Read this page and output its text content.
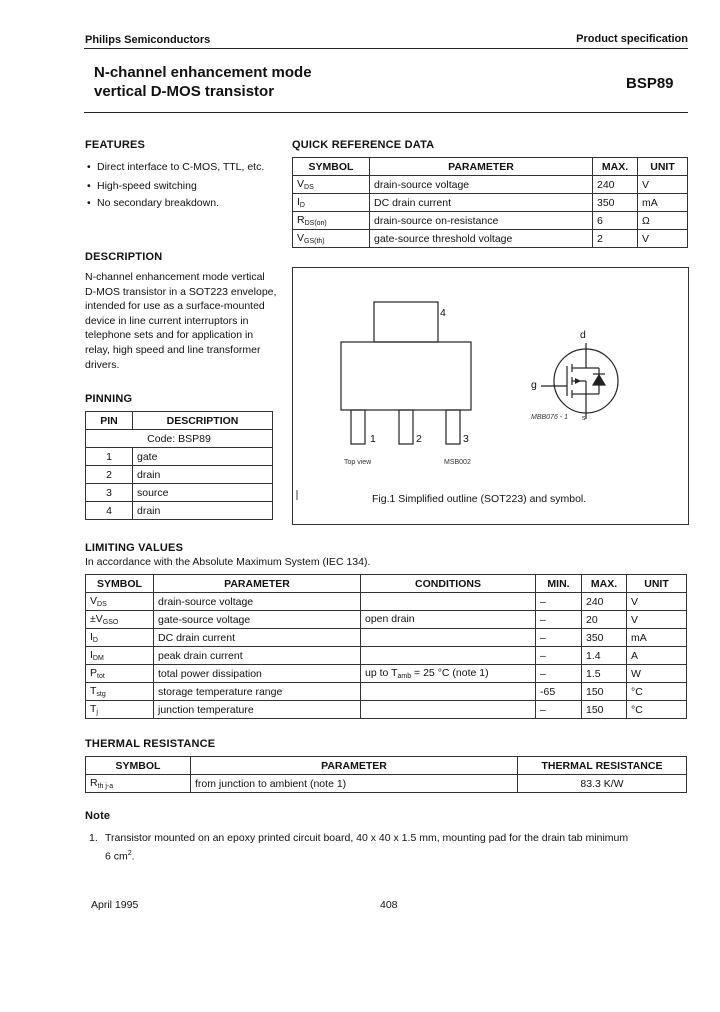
Philips Semiconductors	Product specification
N-channel enhancement mode
vertical D-MOS transistor	BSP89
FEATURES
• Direct interface to C-MOS, TTL, etc.
• High-speed switching
• No secondary breakdown.
DESCRIPTION
N-channel enhancement mode vertical D-MOS transistor in a SOT223 envelope, intended for use as a surface-mounted device in line current interruptors in telephone sets and for application in relay, high speed and line transformer drivers.
PINNING
PIN	DESCRIPTION
Code: BSP89	
1	gate
2	drain
3	source
4	drain
QUICK REFERENCE DATA
SYMBOL	PARAMETER	MAX.	UNIT
$V_{DS}$	drain-source voltage	240	V
$I_D$	DC drain current	350	mA
$R_{DS(on)}$	drain-source on-resistance	6	Ω
$V_{GS(th)}$	gate-source threshold voltage	2	V
4
1	2	3
Top view	MSB002
d
g
s
MBB076 - 1
Fig.1 Simplified outline (SOT223) and symbol.
LIMITING VALUES
In accordance with the Absolute Maximum System (IEC 134).
SYMBOL	PARAMETER	CONDITIONS	MIN.	MAX.	UNIT
$V_{DS}$	drain-source voltage		–	240	V
$\pm V_{GSO}$	gate-source voltage	open drain	–	20	V
$I_D$	DC drain current		–	350	mA
$I_{DM}$	peak drain current		–	1.4	A
$P_{tot}$	total power dissipation	up to $T_{amb} = 25$ °C (note 1)	–	1.5	W
$T_{stg}$	storage temperature range		-65	150	°C
$T_j$	junction temperature		–	150	°C
THERMAL RESISTANCE
SYMBOL	PARAMETER	THERMAL RESISTANCE
$R_{th j-a}$	from junction to ambient (note 1)	83.3 K/W
Note
1. Transistor mounted on an epoxy printed circuit board, 40 x 40 x 1.5 mm, mounting pad for the drain tab minimum
6 $cm^2$.
April 1995	408
